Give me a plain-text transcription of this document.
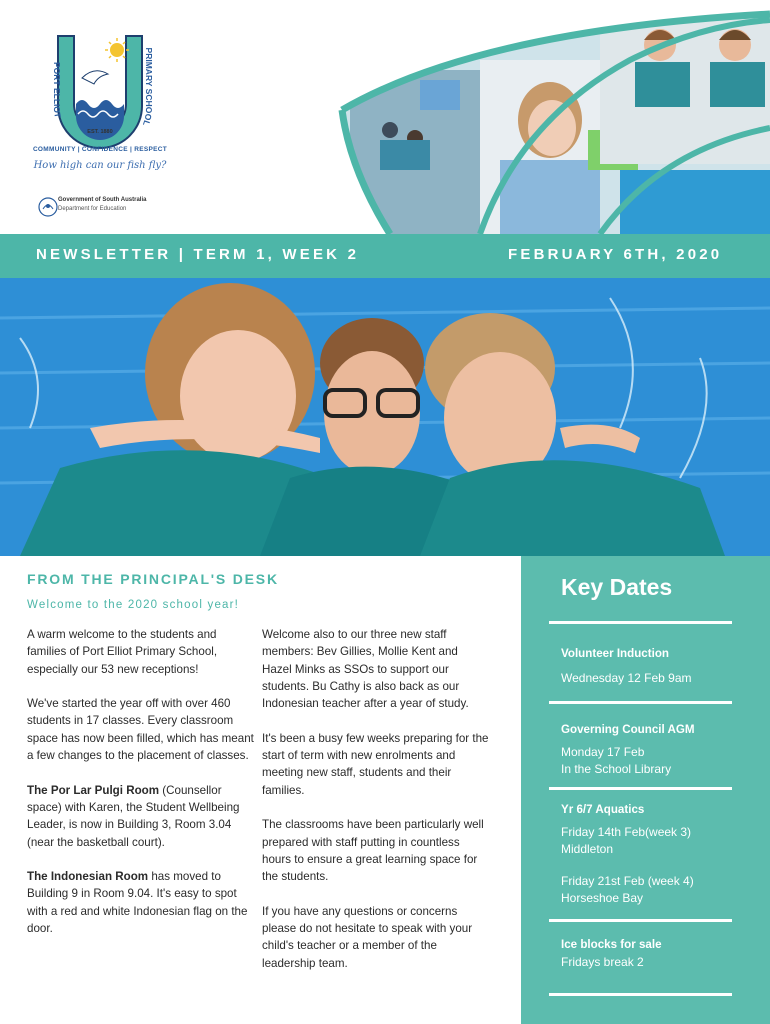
PORT ELLIOT
PRIMARY SCHOOL
EST. 1880
COMMUNITY | CONFIDENCE | RESPECT
How high can our fish fly?
Government of South Australia
Department for Education
NEWSLETTER | TERM 1, WEEK 2	FEBRUARY 6TH, 2020
FROM THE PRINCIPAL'S DESK
Welcome to the 2020 school year!

A warm welcome to the students and families of Port Elliot Primary School, especially our 53 new receptions!

We've started the year off with over 460 students in 17 classes. Every classroom space has now been filled, which has meant a few changes to the placement of classes.

The Por Lar Pulgi Room (Counsellor space) with Karen, the Student Wellbeing Leader, is now in Building 3, Room 3.04 (near the basketball court).

The Indonesian Room has moved to Building 9 in Room 9.04. It's easy to spot with a red and white Indonesian flag on the door.

Welcome also to our three new staff members: Bev Gillies, Mollie Kent and Hazel Minks as SSOs to support our students. Bu Cathy is also back as our Indonesian teacher after a year of study.

It's been a busy few weeks preparing for the start of term with new enrolments and meeting new staff, students and their families.

The classrooms have been particularly well prepared with staff putting in countless hours to ensure a great learning space for the students.

If you have any questions or concerns please do not hesitate to speak with your child's teacher or a member of the leadership team.

Key Dates
Volunteer Induction
Wednesday 12 Feb 9am
Governing Council AGM
Monday 17 Feb
In the School Library
Yr 6/7 Aquatics
Friday 14th Feb(week 3)
Middleton
Friday 21st Feb (week 4)
Horseshoe Bay
Ice blocks for sale
Fridays break 2
